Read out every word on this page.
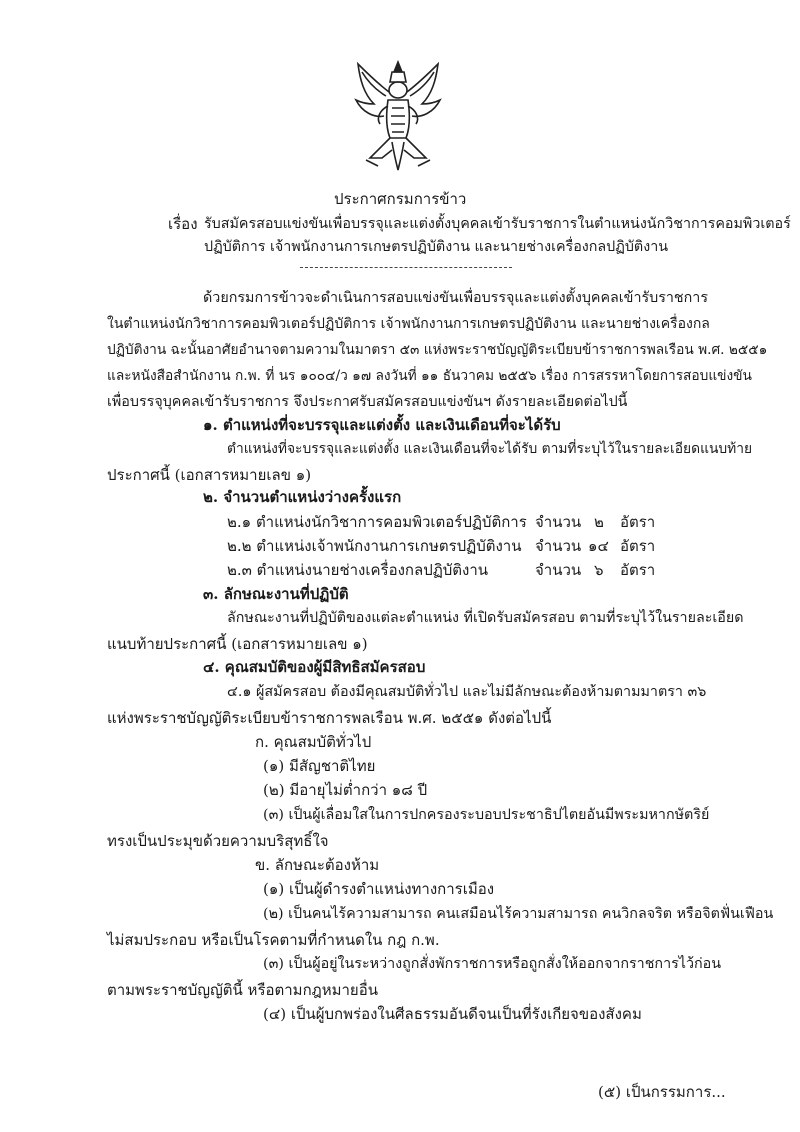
ประกาศกรมการข้าว
เรื่อง รับสมัครสอบแข่งขันเพื่อบรรจุและแต่งตั้งบุคคลเข้ารับราชการในตำแหน่งนักวิชาการคอมพิวเตอร์
ปฏิบัติการ เจ้าพนักงานการเกษตรปฏิบัติงาน และนายช่างเครื่องกลปฏิบัติงาน
ด้วยกรมการข้าวจะดำเนินการสอบแข่งขันเพื่อบรรจุและแต่งตั้งบุคคลเข้ารับราชการ
ในตำแหน่งนักวิชาการคอมพิวเตอร์ปฏิบัติการ เจ้าพนักงานการเกษตรปฏิบัติงาน และนายช่างเครื่องกล
ปฏิบัติงาน ฉะนั้นอาศัยอำนาจตามความในมาตรา ๕๓ แห่งพระราชบัญญัติระเบียบข้าราชการพลเรือน พ.ศ. ๒๕๕๑
และหนังสือสำนักงาน ก.พ. ที่ นร ๑๐๐๔/ว ๑๗ ลงวันที่ ๑๑ ธันวาคม ๒๕๕๖ เรื่อง การสรรหาโดยการสอบแข่งขัน
เพื่อบรรจุบุคคลเข้ารับราชการ จึงประกาศรับสมัครสอบแข่งขันฯ ดังรายละเอียดต่อไปนี้
๑. ตำแหน่งที่จะบรรจุและแต่งตั้ง และเงินเดือนที่จะได้รับ
ตำแหน่งที่จะบรรจุและแต่งตั้ง และเงินเดือนที่จะได้รับ ตามที่ระบุไว้ในรายละเอียดแนบท้าย
ประกาศนี้ (เอกสารหมายเลข ๑)
๒. จำนวนตำแหน่งว่างครั้งแรก
๒.๑ ตำแหน่งนักวิชาการคอมพิวเตอร์ปฏิบัติการ จำนวน ๒ อัตรา
๒.๒ ตำแหน่งเจ้าพนักงานการเกษตรปฏิบัติงาน จำนวน ๑๔ อัตรา
๒.๓ ตำแหน่งนายช่างเครื่องกลปฏิบัติงาน	จำนวน ๖ อัตรา
๓. ลักษณะงานที่ปฏิบัติ
ลักษณะงานที่ปฏิบัติของแต่ละตำแหน่ง ที่เปิดรับสมัครสอบ ตามที่ระบุไว้ในรายละเอียด
แนบท้ายประกาศนี้ (เอกสารหมายเลข ๑)
๔. คุณสมบัติของผู้มีสิทธิสมัครสอบ
๔.๑ ผู้สมัครสอบ ต้องมีคุณสมบัติทั่วไป และไม่มีลักษณะต้องห้ามตามมาตรา ๓๖
แห่งพระราชบัญญัติระเบียบข้าราชการพลเรือน พ.ศ. ๒๕๕๑ ดังต่อไปนี้
ก. คุณสมบัติทั่วไป
(๑) มีสัญชาติไทย
(๒) มีอายุไม่ต่ำกว่า ๑๘ ปี
(๓) เป็นผู้เลื่อมใสในการปกครองระบอบประชาธิปไตยอันมีพระมหากษัตริย์
ทรงเป็นประมุขด้วยความบริสุทธิ์ใจ
ข. ลักษณะต้องห้าม
(๑) เป็นผู้ดำรงตำแหน่งทางการเมือง
(๒) เป็นคนไร้ความสามารถ คนเสมือนไร้ความสามารถ คนวิกลจริต หรือจิตฟั่นเฟือน
ไม่สมประกอบ หรือเป็นโรคตามที่กำหนดใน กฎ ก.พ.
(๓) เป็นผู้อยู่ในระหว่างถูกสั่งพักราชการหรือถูกสั่งให้ออกจากราชการไว้ก่อน
ตามพระราชบัญญัตินี้ หรือตามกฎหมายอื่น
(๔) เป็นผู้บกพร่องในศีลธรรมอันดีจนเป็นที่รังเกียจของสังคม
(๕) เป็นกรรมการ...
